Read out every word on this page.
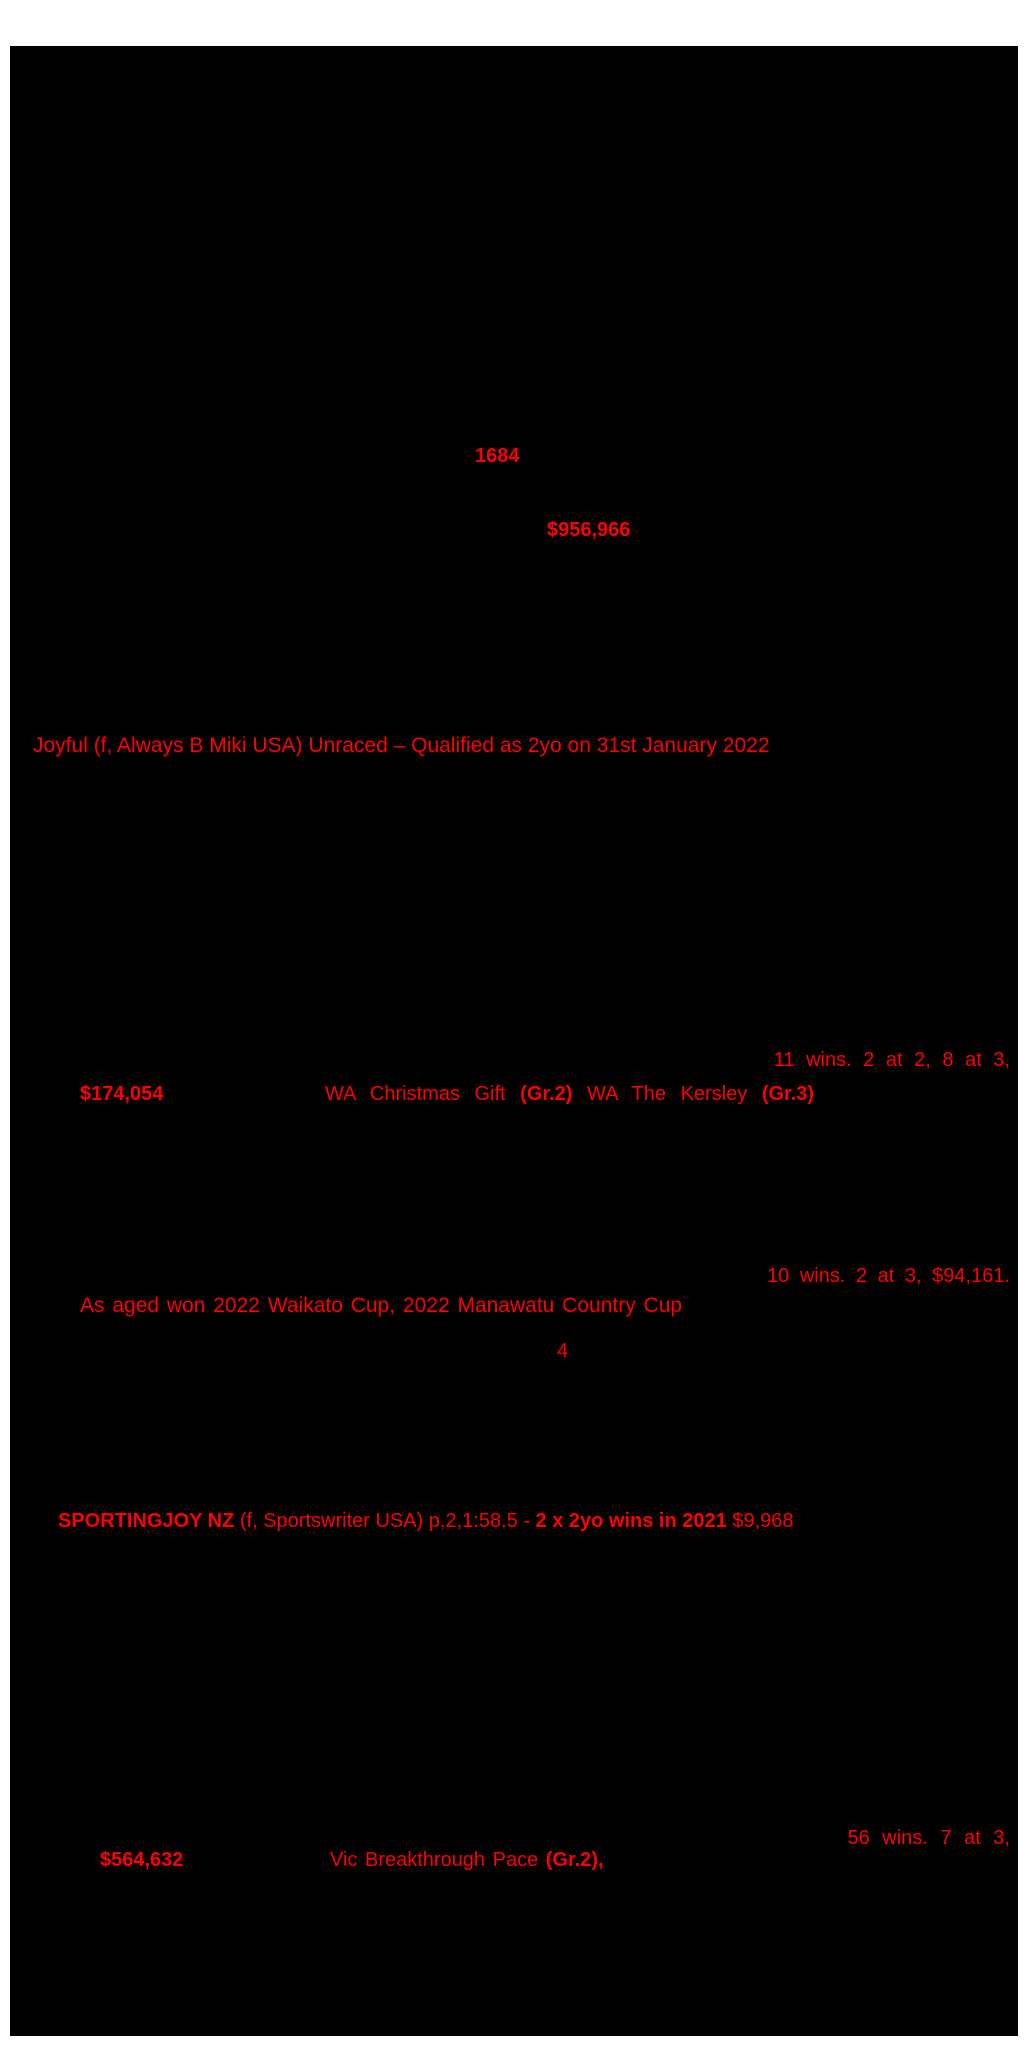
1684
$956,966
Joyful (f, Always B Miki USA) Unraced – Qualified as 2yo on 31st January 2022
11 wins. 2 at 2, 8 at 3,
$174,054	WA Christmas Gift (Gr.2) WA The Kersley (Gr.3)
10 wins. 2 at 3, $94,161.
As aged won 2022 Waikato Cup, 2022 Manawatu Country Cup
4
SPORTINGJOY NZ (f, Sportswriter USA) p,2,1:58.5 - 2 x 2yo wins in 2021 $9,968
56 wins. 7 at 3,
$564,632	Vic Breakthrough Pace (Gr.2),
